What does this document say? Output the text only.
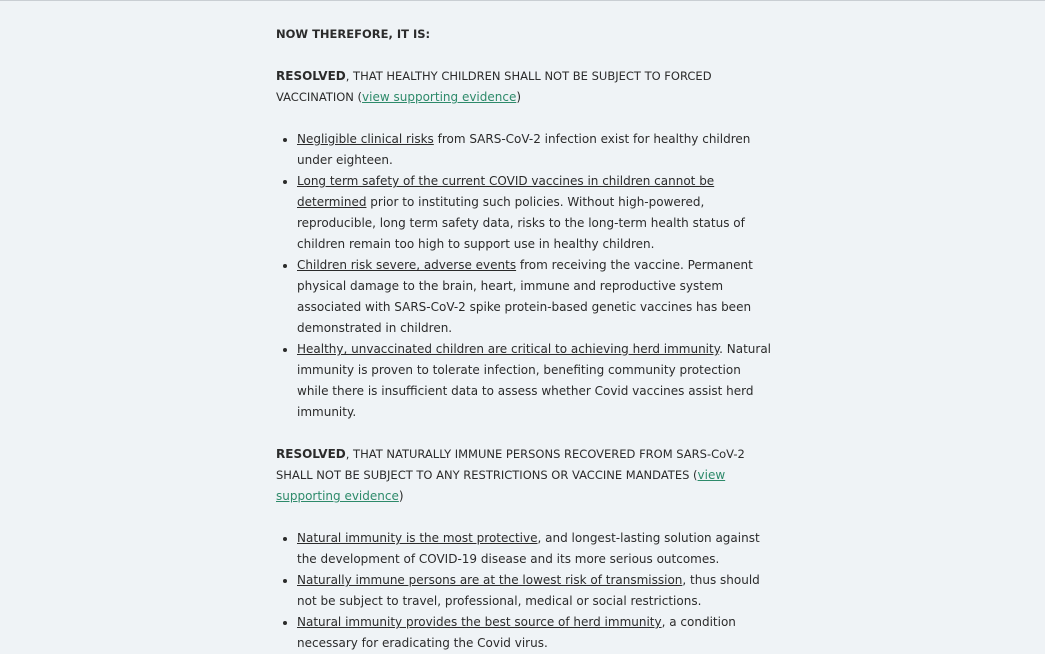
NOW THEREFORE, IT IS:

RESOLVED, THAT HEALTHY CHILDREN SHALL NOT BE SUBJECT TO FORCED VACCINATION (view supporting evidence)

• Negligible clinical risks from SARS-CoV-2 infection exist for healthy children under eighteen.
• Long term safety of the current COVID vaccines in children cannot be determined prior to instituting such policies. Without high-powered, reproducible, long term safety data, risks to the long-term health status of children remain too high to support use in healthy children.
• Children risk severe, adverse events from receiving the vaccine. Permanent physical damage to the brain, heart, immune and reproductive system associated with SARS-CoV-2 spike protein-based genetic vaccines has been demonstrated in children.
• Healthy, unvaccinated children are critical to achieving herd immunity. Natural immunity is proven to tolerate infection, benefiting community protection while there is insufficient data to assess whether Covid vaccines assist herd immunity.

RESOLVED, THAT NATURALLY IMMUNE PERSONS RECOVERED FROM SARS-CoV-2 SHALL NOT BE SUBJECT TO ANY RESTRICTIONS OR VACCINE MANDATES (view supporting evidence)

• Natural immunity is the most protective, and longest-lasting solution against the development of COVID-19 disease and its more serious outcomes.
• Naturally immune persons are at the lowest risk of transmission, thus should not be subject to travel, professional, medical or social restrictions.
• Natural immunity provides the best source of herd immunity, a condition necessary for eradicating the Covid virus.
